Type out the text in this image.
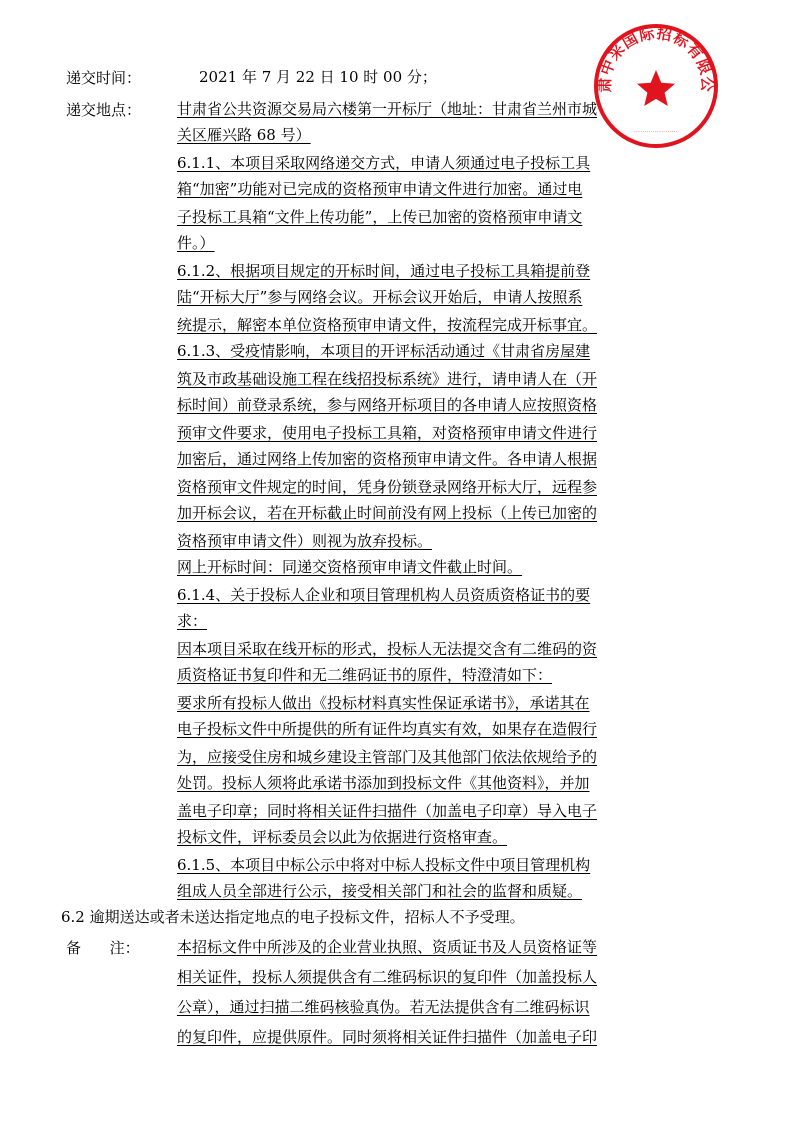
递交时间：	2021 年 7 月 22 日 10 时 00 分；
递交地点： 甘肃省公共资源交易局六楼第一开标厅（地址：甘肃省兰州市城
关区雁兴路 68 号）
6.1.1、本项目采取网络递交方式，申请人须通过电子投标工具
箱“加密”功能对已完成的资格预审申请文件进行加密。通过电
子投标工具箱“文件上传功能”，上传已加密的资格预审申请文
件。）
6.1.2、根据项目规定的开标时间，通过电子投标工具箱提前登
陆“开标大厅”参与网络会议。开标会议开始后，申请人按照系
统提示，解密本单位资格预审申请文件，按流程完成开标事宜。
6.1.3、受疫情影响，本项目的开评标活动通过《甘肃省房屋建
筑及市政基础设施工程在线招投标系统》进行，请申请人在（开
标时间）前登录系统，参与网络开标项目的各申请人应按照资格
预审文件要求，使用电子投标工具箱，对资格预审申请文件进行
加密后，通过网络上传加密的资格预审申请文件。各申请人根据
资格预审文件规定的时间，凭身份锁登录网络开标大厅，远程参
加开标会议，若在开标截止时间前没有网上投标（上传已加密的
资格预审申请文件）则视为放弃投标。
网上开标时间：同递交资格预审申请文件截止时间。
6.1.4、关于投标人企业和项目管理机构人员资质资格证书的要
求：
因本项目采取在线开标的形式，投标人无法提交含有二维码的资
质资格证书复印件和无二维码证书的原件，特澄清如下：
要求所有投标人做出《投标材料真实性保证承诺书》，承诺其在
电子投标文件中所提供的所有证件均真实有效，如果存在造假行
为，应接受住房和城乡建设主管部门及其他部门依法依规给予的
处罚。投标人须将此承诺书添加到投标文件《其他资料》，并加
盖电子印章；同时将相关证件扫描件（加盖电子印章）导入电子
投标文件，评标委员会以此为依据进行资格审查。
6.1.5、本项目中标公示中将对中标人投标文件中项目管理机构
组成人员全部进行公示，接受相关部门和社会的监督和质疑。
6.2 逾期送达或者未送达指定地点的电子投标文件，招标人不予受理。
备      注： 本招标文件中所涉及的企业营业执照、资质证书及人员资格证等
相关证件，投标人须提供含有二维码标识的复印件（加盖投标人
公章），通过扫描二维码核验真伪。若无法提供含有二维码标识
的复印件，应提供原件。同时须将相关证件扫描件（加盖电子印
肃中采国际招标有限公
·····················
